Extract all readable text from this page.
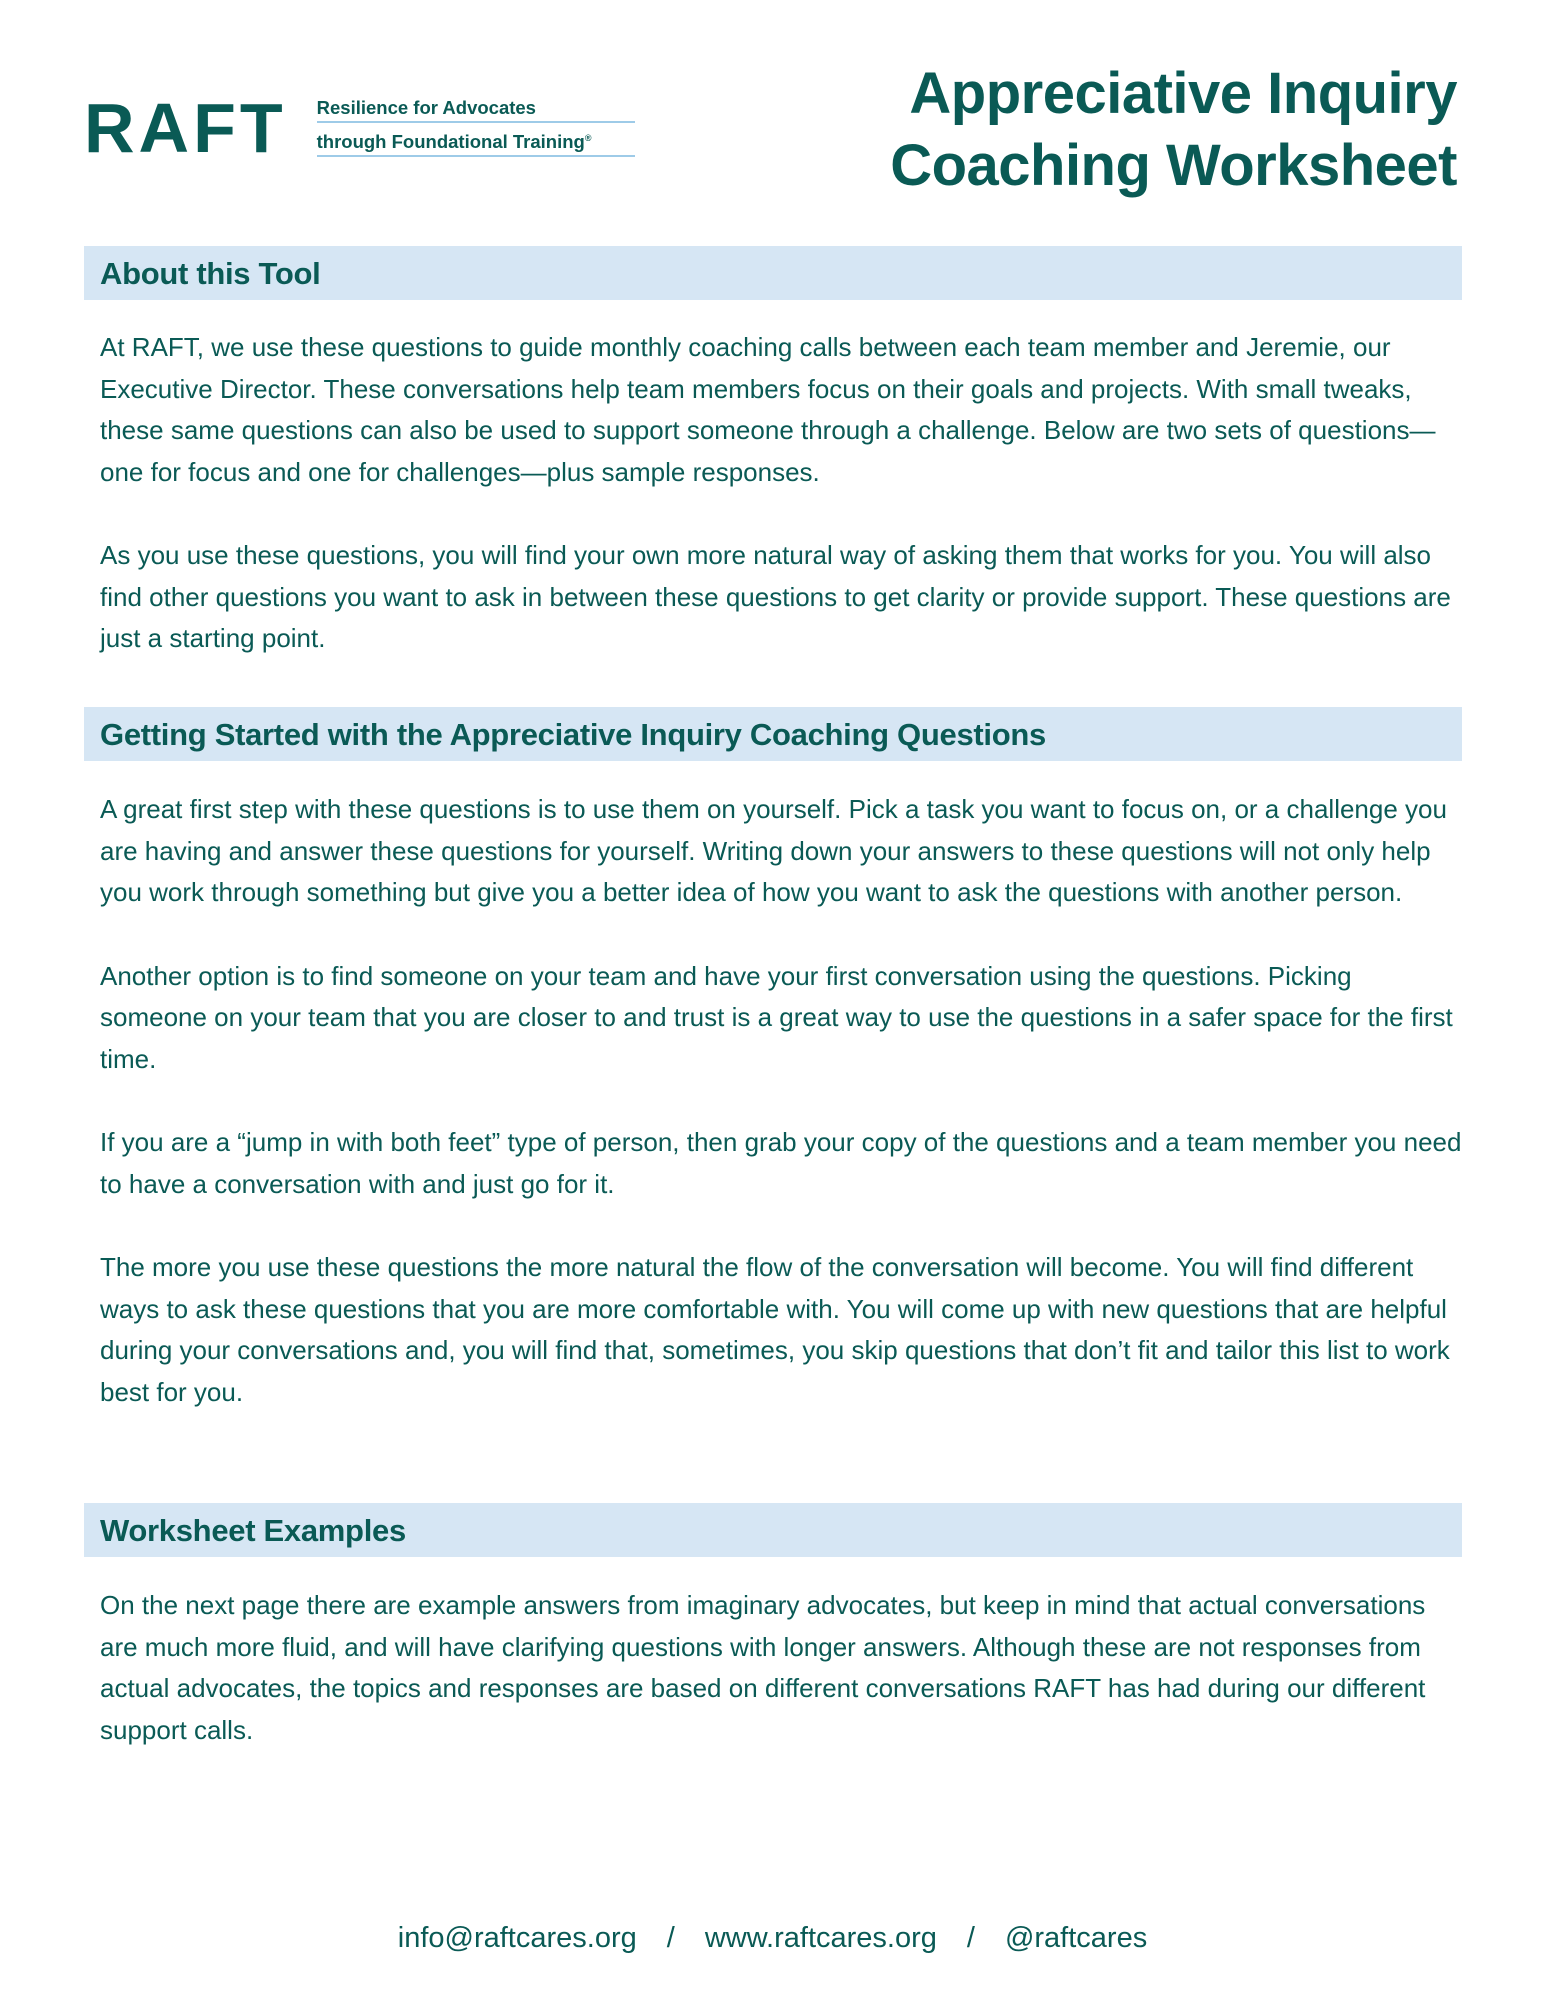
RAFT Resilience for Advocates
through Foundational Training®
Appreciative Inquiry
Coaching Worksheet
About this Tool

At RAFT, we use these questions to guide monthly coaching calls between each team member and Jeremie, our Executive Director. These conversations help team members focus on their goals and projects. With small tweaks, these same questions can also be used to support someone through a challenge. Below are two sets of questions—one for focus and one for challenges—plus sample responses.

As you use these questions, you will find your own more natural way of asking them that works for you. You will also find other questions you want to ask in between these questions to get clarity or provide support. These questions are just a starting point.

Getting Started with the Appreciative Inquiry Coaching Questions

A great first step with these questions is to use them on yourself. Pick a task you want to focus on, or a challenge you are having and answer these questions for yourself. Writing down your answers to these questions will not only help you work through something but give you a better idea of how you want to ask the questions with another person.

Another option is to find someone on your team and have your first conversation using the questions. Picking someone on your team that you are closer to and trust is a great way to use the questions in a safer space for the first time.

If you are a “jump in with both feet” type of person, then grab your copy of the questions and a team member you need to have a conversation with and just go for it.

The more you use these questions the more natural the flow of the conversation will become. You will find different ways to ask these questions that you are more comfortable with. You will come up with new questions that are helpful during your conversations and, you will find that, sometimes, you skip questions that don’t fit and tailor this list to work best for you.

Worksheet Examples

On the next page there are example answers from imaginary advocates, but keep in mind that actual conversations are much more fluid, and will have clarifying questions with longer answers. Although these are not responses from actual advocates, the topics and responses are based on different conversations RAFT has had during our different support calls.

info@raftcares.org / www.raftcares.org / @raftcares
